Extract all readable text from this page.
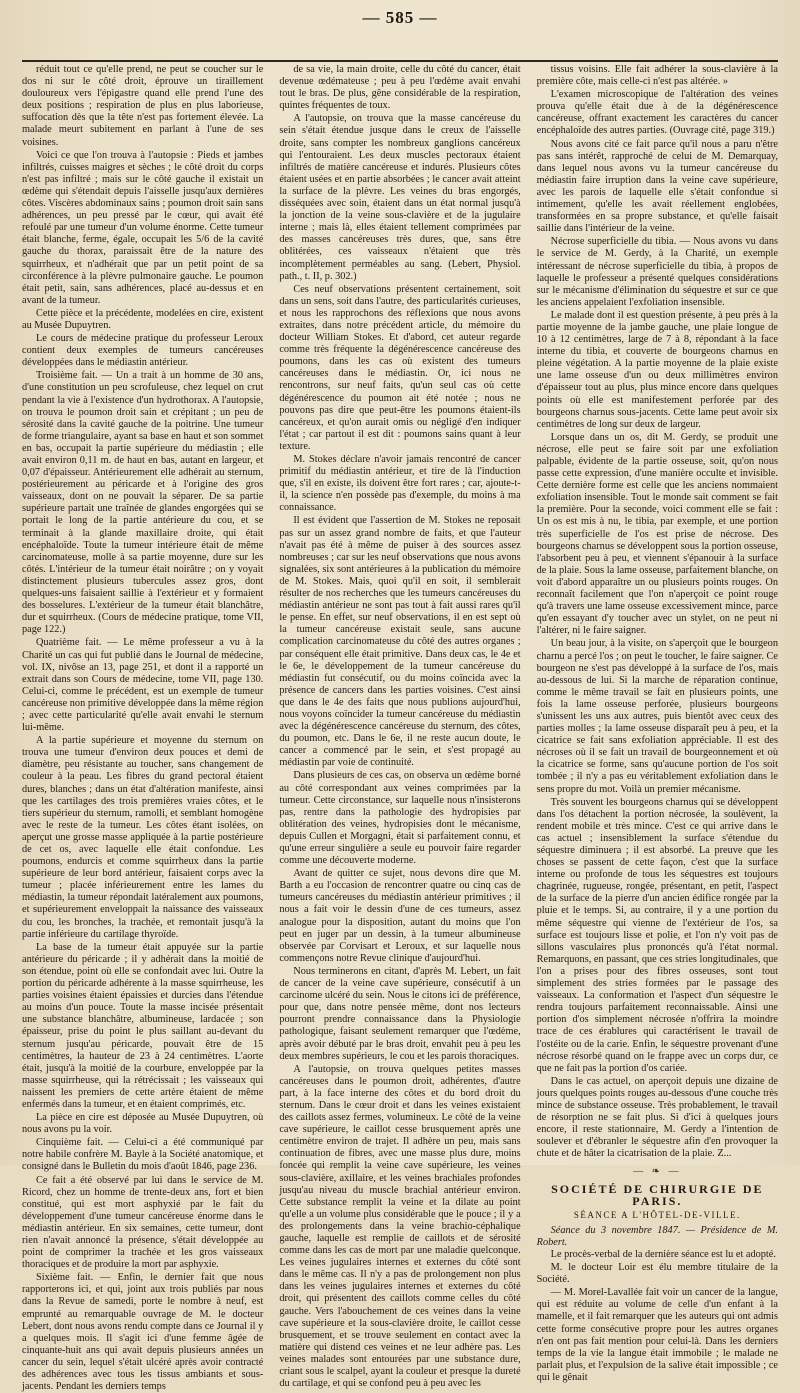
— 585 —

réduit tout ce qu'elle prend, ne peut se coucher sur le dos ni sur le côté droit, éprouve un tiraillement douloureux vers l'épigastre quand elle prend l'une des deux positions ; respiration de plus en plus laborieuse, suffocation dès que la tête n'est pas fortement élevée. La malade meurt subitement en parlant à l'une de ses voisines.

Voici ce que l'on trouva à l'autopsie : Pieds et jambes infiltrés, cuisses maigres et sèches ; le côté droit du corps n'est pas infiltré ; mais sur le côté gauche il existait un œdème qui s'étendait depuis l'aisselle jusqu'aux dernières côtes. Viscères abdominaux sains ; poumon droit sain sans adhérences, un peu pressé par le cœur, qui avait été refoulé par une tumeur d'un volume énorme. Cette tumeur était blanche, ferme, égale, occupait les 5/6 de la cavité gauche du thorax, paraissait être de la nature des squirrheux, et n'adhérait que par un petit point de sa circonférence à la plèvre pulmonaire gauche. Le poumon était petit, sain, sans adhérences, placé au-dessus et en avant de la tumeur.

Cette pièce et la précédente, modelées en cire, existent au Musée Dupuytren.

Le cours de médecine pratique du professeur Leroux contient deux exemples de tumeurs cancéreuses développées dans le médiastin antérieur.

Troisième fait. — Un a trait à un homme de 30 ans, d'une constitution un peu scrofuleuse, chez lequel on crut pendant la vie à l'existence d'un hydrothorax. A l'autopsie, on trouva le poumon droit sain et crépitant ; un peu de sérosité dans la cavité gauche de la poitrine. Une tumeur de forme triangulaire, ayant sa base en haut et son sommet en bas, occupait la partie supérieure du médiastin ; elle avait environ 0,11 m. de haut en bas, autant en largeur, et 0,07 d'épaisseur. Antérieurement elle adhérait au sternum, postérieurement au péricarde et à l'origine des gros vaisseaux, dont on ne pouvait la séparer. De sa partie supérieure partait une traînée de glandes engorgées qui se portait le long de la partie antérieure du cou, et se terminait à la glande maxillaire droite, qui était encéphaloïde. Toute la tumeur intérieure était de même carcinomateuse, molle à sa partie moyenne, dure sur les côtés. L'intérieur de la tumeur était noirâtre ; on y voyait distinctement plusieurs tubercules assez gros, dont quelques-uns faisaient saillie à l'extérieur et y formaient des bosselures. L'extérieur de la tumeur était blanchâtre, dur et squirrheux. (Cours de médecine pratique, tome VII, page 122.)

Quatrième fait. — Le même professeur a vu à la Charité un cas qui fut publié dans le Journal de médecine, vol. IX, nivôse an 13, page 251, et dont il a rapporté un extrait dans son Cours de médecine, tome VII, page 130. Celui-ci, comme le précédent, est un exemple de tumeur cancéreuse non primitive développée dans la même région ; avec cette particularité qu'elle avait envahi le sternum lui-même.

A la partie supérieure et moyenne du sternum on trouva une tumeur d'environ deux pouces et demi de diamètre, peu résistante au toucher, sans changement de couleur à la peau. Les fibres du grand pectoral étaient dures, blanches ; dans un état d'altération manifeste, ainsi que les cartilages des trois premières vraies côtes, et le tiers supérieur du sternum, ramolli, et semblant homogène avec le reste de la tumeur. Les côtes étant isolées, on aperçut une grosse masse appliquée à la partie postérieure de cet os, avec laquelle elle était confondue. Les poumons, endurcis et comme squirrheux dans la partie supérieure de leur bord antérieur, faisaient corps avec la tumeur ; placée inférieurement entre les lames du médiastin, la tumeur répondait latéralement aux poumons, et supérieurement enveloppait la naissance des vaisseaux du cou, les bronches, la trachée, et remontait jusqu'à la partie inférieure du cartilage thyroïde.

La base de la tumeur était appuyée sur la partie antérieure du péricarde ; il y adhérait dans la moitié de son étendue, point où elle se confondait avec lui. Outre la portion du péricarde adhérente à la masse squirrheuse, les parties voisines étaient épaissies et durcies dans l'étendue au moins d'un pouce. Toute la masse incisée présentait une substance blanchâtre, albumineuse, lardacée ; son épaisseur, prise du point le plus saillant au-devant du sternum jusqu'au péricarde, pouvait être de 15 centimètres, la hauteur de 23 à 24 centimètres. L'aorte était, jusqu'à la moitié de la courbure, enveloppée par la masse squirrheuse, qui la rétrécissait ; les vaisseaux qui naissent les premiers de cette artère étaient de même enfermés dans la tumeur, et en étaient comprimés, etc.

La pièce en cire est déposée au Musée Dupuytren, où nous avons pu la voir.

Cinquième fait. — Celui-ci a été communiqué par notre habile confrère M. Bayle à la Société anatomique, et consigné dans le Bulletin du mois d'août 1846, page 236.

Ce fait a été observé par lui dans le service de M. Ricord, chez un homme de trente-deux ans, fort et bien constitué, qui est mort asphyxié par le fait du développement d'une tumeur cancéreuse énorme dans le médiastin antérieur. En six semaines, cette tumeur, dont rien n'avait annoncé la présence, s'était développée au point de comprimer la trachée et les gros vaisseaux thoraciques et de produire la mort par asphyxie.

Sixième fait. — Enfin, le dernier fait que nous rapporterons ici, et qui, joint aux trois publiés par nous dans la Revue de samedi, porte le nombre à neuf, est emprunté au remarquable ouvrage de M. le docteur Lebert, dont nous avons rendu compte dans ce Journal il y a quelques mois. Il s'agit ici d'une femme âgée de cinquante-huit ans qui avait depuis plusieurs années un cancer du sein, lequel s'était ulcéré après avoir contracté des adhérences avec tous les tissus ambiants et sous-jacents. Pendant les derniers temps

de sa vie, la main droite, celle du côté du cancer, était devenue œdémateuse ; peu à peu l'œdème avait envahi tout le bras. De plus, gêne considérable de la respiration, quintes fréquentes de toux.

A l'autopsie, on trouva que la masse cancéreuse du sein s'était étendue jusque dans le creux de l'aisselle droite, sans compter les nombreux ganglions cancéreux qui l'entouraient. Les deux muscles pectoraux étaient infiltrés de matière cancéreuse et indurés. Plusieurs côtes étaient usées et en partie absorbées ; le cancer avait atteint la surface de la plèvre. Les veines du bras engorgés, disséquées avec soin, étaient dans un état normal jusqu'à la jonction de la veine sous-clavière et de la jugulaire interne ; mais là, elles étaient tellement comprimées par des masses cancéreuses très dures, que, sans être oblitérées, ces vaisseaux n'étaient que très incomplètement perméables au sang. (Lebert, Physiol. path., t. II, p. 302.)

Ces neuf observations présentent certainement, soit dans un sens, soit dans l'autre, des particularités curieuses, et nous les rapprochons des réflexions que nous avons extraites, dans notre précédent article, du mémoire du docteur William Stokes. Et d'abord, cet auteur regarde comme très fréquente la dégénérescence cancéreuse des poumons, dans les cas où existent des tumeurs cancéreuses dans le médiastin. Or, ici nous ne rencontrons, sur neuf faits, qu'un seul cas où cette dégénérescence du poumon ait été notée ; nous ne pouvons pas dire que peut-être les poumons étaient-ils cancéreux, et qu'on aurait omis ou négligé d'en indiquer l'état ; car partout il est dit : poumons sains quant à leur texture.

M. Stokes déclare n'avoir jamais rencontré de cancer primitif du médiastin antérieur, et tire de là l'induction que, s'il en existe, ils doivent être fort rares ; car, ajoute-t-il, la science n'en possède pas d'exemple, du moins à ma connaissance.

Il est évident que l'assertion de M. Stokes ne reposait pas sur un assez grand nombre de faits, et que l'auteur n'avait pas été à même de puiser à des sources assez nombreuses ; car sur les neuf observations que nous avons signalées, six sont antérieures à la publication du mémoire de M. Stokes. Mais, quoi qu'il en soit, il semblerait résulter de nos recherches que les tumeurs cancéreuses du médiastin antérieur ne sont pas tout à fait aussi rares qu'il le pense. En effet, sur neuf observations, il en est sept où la tumeur cancéreuse existait seule, sans aucune complication carcinomateuse du côté des autres organes ; par conséquent elle était primitive. Dans deux cas, le 4e et le 6e, le développement de la tumeur cancéreuse du médiastin fut consécutif, ou du moins coïncida avec la présence de cancers dans les parties voisines. C'est ainsi que dans le 4e des faits que nous publions aujourd'hui, nous voyons coïncider la tumeur cancéreuse du médiastin avec la dégénérescence cancéreuse du sternum, des côtes, du poumon, etc. Dans le 6e, il ne reste aucun doute, le cancer a commencé par le sein, et s'est propagé au médiastin par voie de continuité.

Dans plusieurs de ces cas, on observa un œdème borné au côté correspondant aux veines comprimées par la tumeur. Cette circonstance, sur laquelle nous n'insisterons pas, rentre dans la pathologie des hydropisies par oblitération des veines, hydropisies dont le mécanisme, depuis Cullen et Morgagni, était si parfaitement connu, et qu'une erreur singulière a seule eu pouvoir faire regarder comme une découverte moderne.

Avant de quitter ce sujet, nous devons dire que M. Barth a eu l'occasion de rencontrer quatre ou cinq cas de tumeurs cancéreuses du médiastin antérieur primitives ; il nous a fait voir le dessin d'une de ces tumeurs, assez analogue pour la disposition, autant du moins que l'on peut en juger par un dessin, à la tumeur albumineuse observée par Corvisart et Leroux, et sur laquelle nous commençons notre Revue clinique d'aujourd'hui.

Nous terminerons en citant, d'après M. Lebert, un fait de cancer de la veine cave supérieure, consécutif à un carcinome ulcéré du sein. Nous le citons ici de préférence, pour que, dans notre pensée même, dont nos lecteurs pourront prendre connaissance dans la Physiologie pathologique, faisant seulement remarquer que l'œdème, après avoir débuté par le bras droit, envahit peu à peu les deux membres supérieurs, le cou et les parois thoraciques.

A l'autopsie, on trouva quelques petites masses cancéreuses dans le poumon droit, adhérentes, d'autre part, à la face interne des côtes et du bord droit du sternum. Dans le cœur droit et dans les veines existaient des caillots assez fermes, volumineux. Le côté de la veine cave supérieure, le caillot cesse brusquement après une centimètre environ de trajet. Il adhère un peu, mais sans continuation de fibres, avec une masse plus dure, moins foncée qui remplit la veine cave supérieure, les veines sous-clavière, axillaire, et les veines brachiales profondes jusqu'au niveau du muscle brachial antérieur environ. Cette substance remplit la veine et la dilate au point qu'elle a un volume plus considérable que le pouce ; il y a des prolongements dans la veine brachio-céphalique gauche, laquelle est remplie de caillots et de sérosité comme dans les cas de mort par une maladie quelconque. Les veines jugulaires internes et externes du côté sont dans le même cas. Il n'y a pas de prolongement non plus dans les veines jugulaires internes et externes du côté droit, qui présentent des caillots comme celles du côté gauche. Vers l'abouchement de ces veines dans la veine cave supérieure et la sous-clavière droite, le caillot cesse brusquement, et se trouve seulement en contact avec la matière qui distend ces veines et ne leur adhère pas. Les veines malades sont entourées par une substance dure, criant sous le scalpel, ayant la couleur et presque la dureté du cartilage, et qui se confond peu à peu avec les

tissus voisins. Elle fait adhérer la sous-clavière à la première côte, mais celle-ci n'est pas altérée. »

L'examen microscopique de l'altération des veines prouva qu'elle était due à de la dégénérescence cancéreuse, offrant exactement les caractères du cancer encéphaloïde des autres parties. (Ouvrage cité, page 319.)

Nous avons cité ce fait parce qu'il nous a paru n'être pas sans intérêt, rapproché de celui de M. Demarquay, dans lequel nous avons vu la tumeur cancéreuse du médiastin faire irruption dans la veine cave supérieure, avec les parois de laquelle elle s'était confondue si intimement, qu'elle les avait réellement englobées, transformées en sa propre substance, et qu'elle faisait saillie dans l'intérieur de la veine.

Nécrose superficielle du tibia. — Nous avons vu dans le service de M. Gerdy, à la Charité, un exemple intéressant de nécrose superficielle du tibia, à propos de laquelle le professeur a présenté quelques considérations sur le mécanisme d'élimination du séquestre et sur ce que les anciens appelaient l'exfoliation insensible.

Le malade dont il est question présente, à peu près à la partie moyenne de la jambe gauche, une plaie longue de 10 à 12 centimètres, large de 7 à 8, répondant à la face interne du tibia, et couverte de bourgeons charnus en pleine végétation. A la partie moyenne de la plaie existe une lame osseuse d'un ou deux millimètres environ d'épaisseur tout au plus, plus mince encore dans quelques points où elle est manifestement perforée par des bourgeons charnus sous-jacents. Cette lame peut avoir six centimètres de long sur deux de largeur.

Lorsque dans un os, dit M. Gerdy, se produit une nécrose, elle peut se faire soit par une exfoliation palpable, évidente de la partie osseuse, soit, qu'on nous passe cette expression, d'une manière occulte et invisible. Cette dernière forme est celle que les anciens nommaient exfoliation insensible. Tout le monde sait comment se fait la première. Pour la seconde, voici comment elle se fait : Un os est mis à nu, le tibia, par exemple, et une portion très superficielle de l'os est prise de nécrose. Des bourgeons charnus se développent sous la portion osseuse, l'absorbent peu à peu, et viennent s'épanouir à la surface de la plaie. Sous la lame osseuse, parfaitement blanche, on voit d'abord apparaître un ou plusieurs points rouges. On reconnaît facilement que l'on n'aperçoit ce point rouge qu'à travers une lame osseuse excessivement mince, parce qu'en essayant d'y toucher avec un stylet, on ne peut ni l'altérer, ni le faire saigner.

Un beau jour, à la visite, on s'aperçoit que le bourgeon charnu a percé l'os ; on peut le toucher, le faire saigner. Ce bourgeon ne s'est pas développé à la surface de l'os, mais au-dessous de lui. Si la marche de réparation continue, comme le même travail se fait en plusieurs points, une fois la lame osseuse perforée, plusieurs bourgeons s'unissent les uns aux autres, puis bientôt avec ceux des parties molles ; la lame osseuse disparaît peu à peu, et la cicatrice se fait sans exfoliation appréciable. Il est des nécroses où il se fait un travail de bourgeonnement et où la cicatrice se forme, sans qu'aucune portion de l'os soit tombée ; il n'y a pas eu véritablement exfoliation dans le sens propre du mot. Voilà un premier mécanisme.

Très souvent les bourgeons charnus qui se développent dans l'os détachent la portion nécrosée, la soulèvent, la rendent mobile et très mince. C'est ce qui arrive dans le cas actuel ; insensiblement la surface s'étendue du séquestre diminuera ; il est absorbé. La preuve que les choses se passent de cette façon, c'est que la surface interne ou profonde de tous les séquestres est toujours chagrinée, rugueuse, rongée, présentant, en petit, l'aspect de la surface de la pierre d'un ancien édifice rongée par la pluie et le temps. Si, au contraire, il y a une portion du même séquestre qui vienne de l'extérieur de l'os, sa surface est toujours lisse et polie, et l'on n'y voit pas de sillons vasculaires plus prononcés qu'à l'état normal. Remarquons, en passant, que ces stries longitudinales, que l'on a prises pour des fibres osseuses, sont tout simplement des stries formées par le passage des vaisseaux. La conformation et l'aspect d'un séquestre le rendra toujours parfaitement reconnaissable. Ainsi une portion d'os simplement nécrosée n'offrira la moindre trace de ces érablures qui caractérisent le travail de l'ostéite ou de la carie. Enfin, le séquestre provenant d'une nécrose résorbé quand on le frappe avec un corps dur, ce que ne fait pas la portion d'os cariée.

Dans le cas actuel, on aperçoit depuis une dizaine de jours quelques points rouges au-dessous d'une couche très mince de substance osseuse. Très probablement, le travail de résorption ne se fait plus. Si d'ici à quelques jours encore, il reste stationnaire, M. Gerdy a l'intention de soulever et d'ébranler le séquestre afin d'en provoquer la chute et de hâter la cicatrisation de la plaie. Z...

— ❧ —
SOCIÉTÉ DE CHIRURGIE DE PARIS.
SÉANCE A L'HÔTEL-DE-VILLE.

Séance du 3 novembre 1847. — Présidence de M. Robert.

Le procès-verbal de la dernière séance est lu et adopté.

M. le docteur Loir est élu membre titulaire de la Société.

— M. Morel-Lavallée fait voir un cancer de la langue, qui est réduite au volume de celle d'un enfant à la mamelle, et il fait remarquer que les auteurs qui ont admis cette forme consécutive propre pour les autres organes n'en ont pas fait mention pour celui-là. Dans les derniers temps de la vie la langue était immobile ; le malade ne parlait plus, et l'expulsion de la salive était impossible ; ce qui le gênait
